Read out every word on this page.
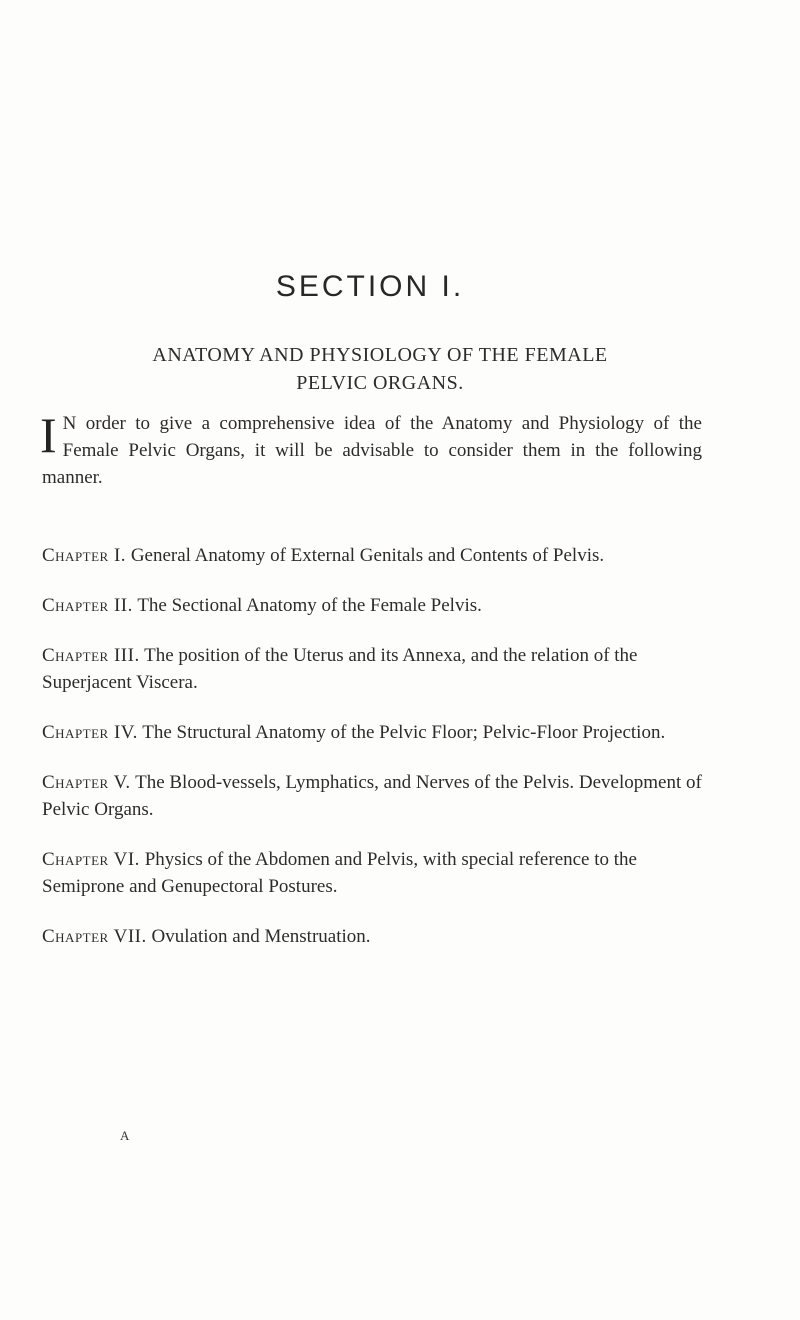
SECTION I.
ANATOMY AND PHYSIOLOGY OF THE FEMALE
PELVIC ORGANS.
I N order to give a comprehensive idea of the Anatomy and Physiology of the Female Pelvic Organs, it will be advisable to consider them in the following manner.
Chapter I. General Anatomy of External Genitals and Contents of Pelvis.
Chapter II. The Sectional Anatomy of the Female Pelvis.
Chapter III. The position of the Uterus and its Annexa, and the relation of the Superjacent Viscera.
Chapter IV. The Structural Anatomy of the Pelvic Floor; Pelvic-Floor Projection.
Chapter V. The Blood-vessels, Lymphatics, and Nerves of the Pelvis. Development of Pelvic Organs.
Chapter VI. Physics of the Abdomen and Pelvis, with special reference to the Semiprone and Genupectoral Postures.
Chapter VII. Ovulation and Menstruation.
A
